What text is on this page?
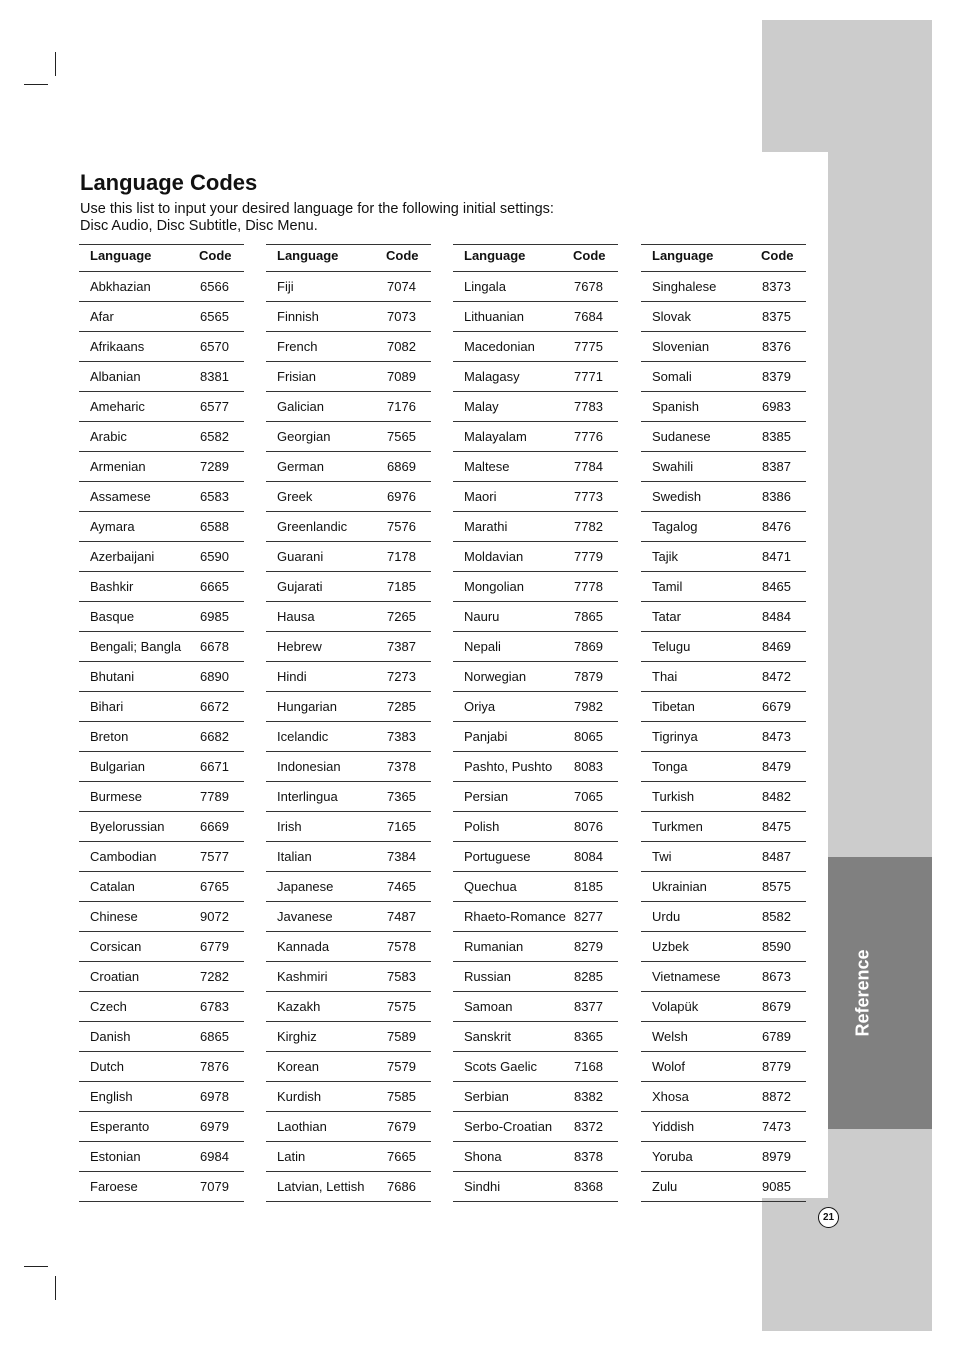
Reference
Language Codes
Use this list to input your desired language for the following initial settings:
Disc Audio, Disc Subtitle, Disc Menu.
Language	Code
Abkhazian	6566
Afar	6565
Afrikaans	6570
Albanian	8381
Ameharic	6577
Arabic	6582
Armenian	7289
Assamese	6583
Aymara	6588
Azerbaijani	6590
Bashkir	6665
Basque	6985
Bengali; Bangla 6678
Bhutani	6890
Bihari	6672
Breton	6682
Bulgarian	6671
Burmese	7789
Byelorussian	6669
Cambodian	7577
Catalan	6765
Chinese	9072
Corsican	6779
Croatian	7282
Czech	6783
Danish	6865
Dutch	7876
English	6978
Esperanto	6979
Estonian	6984
Faroese	7079
Language	Code
Fiji	7074
Finnish	7073
French	7082
Frisian	7089
Galician	7176
Georgian	7565
German	6869
Greek	6976
Greenlandic	7576
Guarani	7178
Gujarati	7185
Hausa	7265
Hebrew	7387
Hindi	7273
Hungarian	7285
Icelandic	7383
Indonesian	7378
Interlingua	7365
Irish	7165
Italian	7384
Japanese	7465
Javanese	7487
Kannada	7578
Kashmiri	7583
Kazakh	7575
Kirghiz	7589
Korean	7579
Kurdish	7585
Laothian	7679
Latin	7665
Latvian, Lettish 7686
Language	Code
Lingala	7678
Lithuanian	7684
Macedonian	7775
Malagasy	7771
Malay	7783
Malayalam	7776
Maltese	7784
Maori	7773
Marathi	7782
Moldavian	7779
Mongolian	7778
Nauru	7865
Nepali	7869
Norwegian	7879
Oriya	7982
Panjabi	8065
Pashto, Pushto 8083
Persian	7065
Polish	8076
Portuguese	8084
Quechua	8185
Rhaeto-Romance 8277
Rumanian	8279
Russian	8285
Samoan	8377
Sanskrit	8365
Scots Gaelic	7168
Serbian	8382
Serbo-Croatian 8372
Shona	8378
Sindhi	8368
Language	Code
Singhalese	8373
Slovak	8375
Slovenian	8376
Somali	8379
Spanish	6983
Sudanese	8385
Swahili	8387
Swedish	8386
Tagalog	8476
Tajik	8471
Tamil	8465
Tatar	8484
Telugu	8469
Thai	8472
Tibetan	6679
Tigrinya	8473
Tonga	8479
Turkish	8482
Turkmen	8475
Twi	8487
Ukrainian	8575
Urdu	8582
Uzbek	8590
Vietnamese	8673
Volapük	8679
Welsh	6789
Wolof	8779
Xhosa	8872
Yiddish	7473
Yoruba	8979
Zulu	9085
21
